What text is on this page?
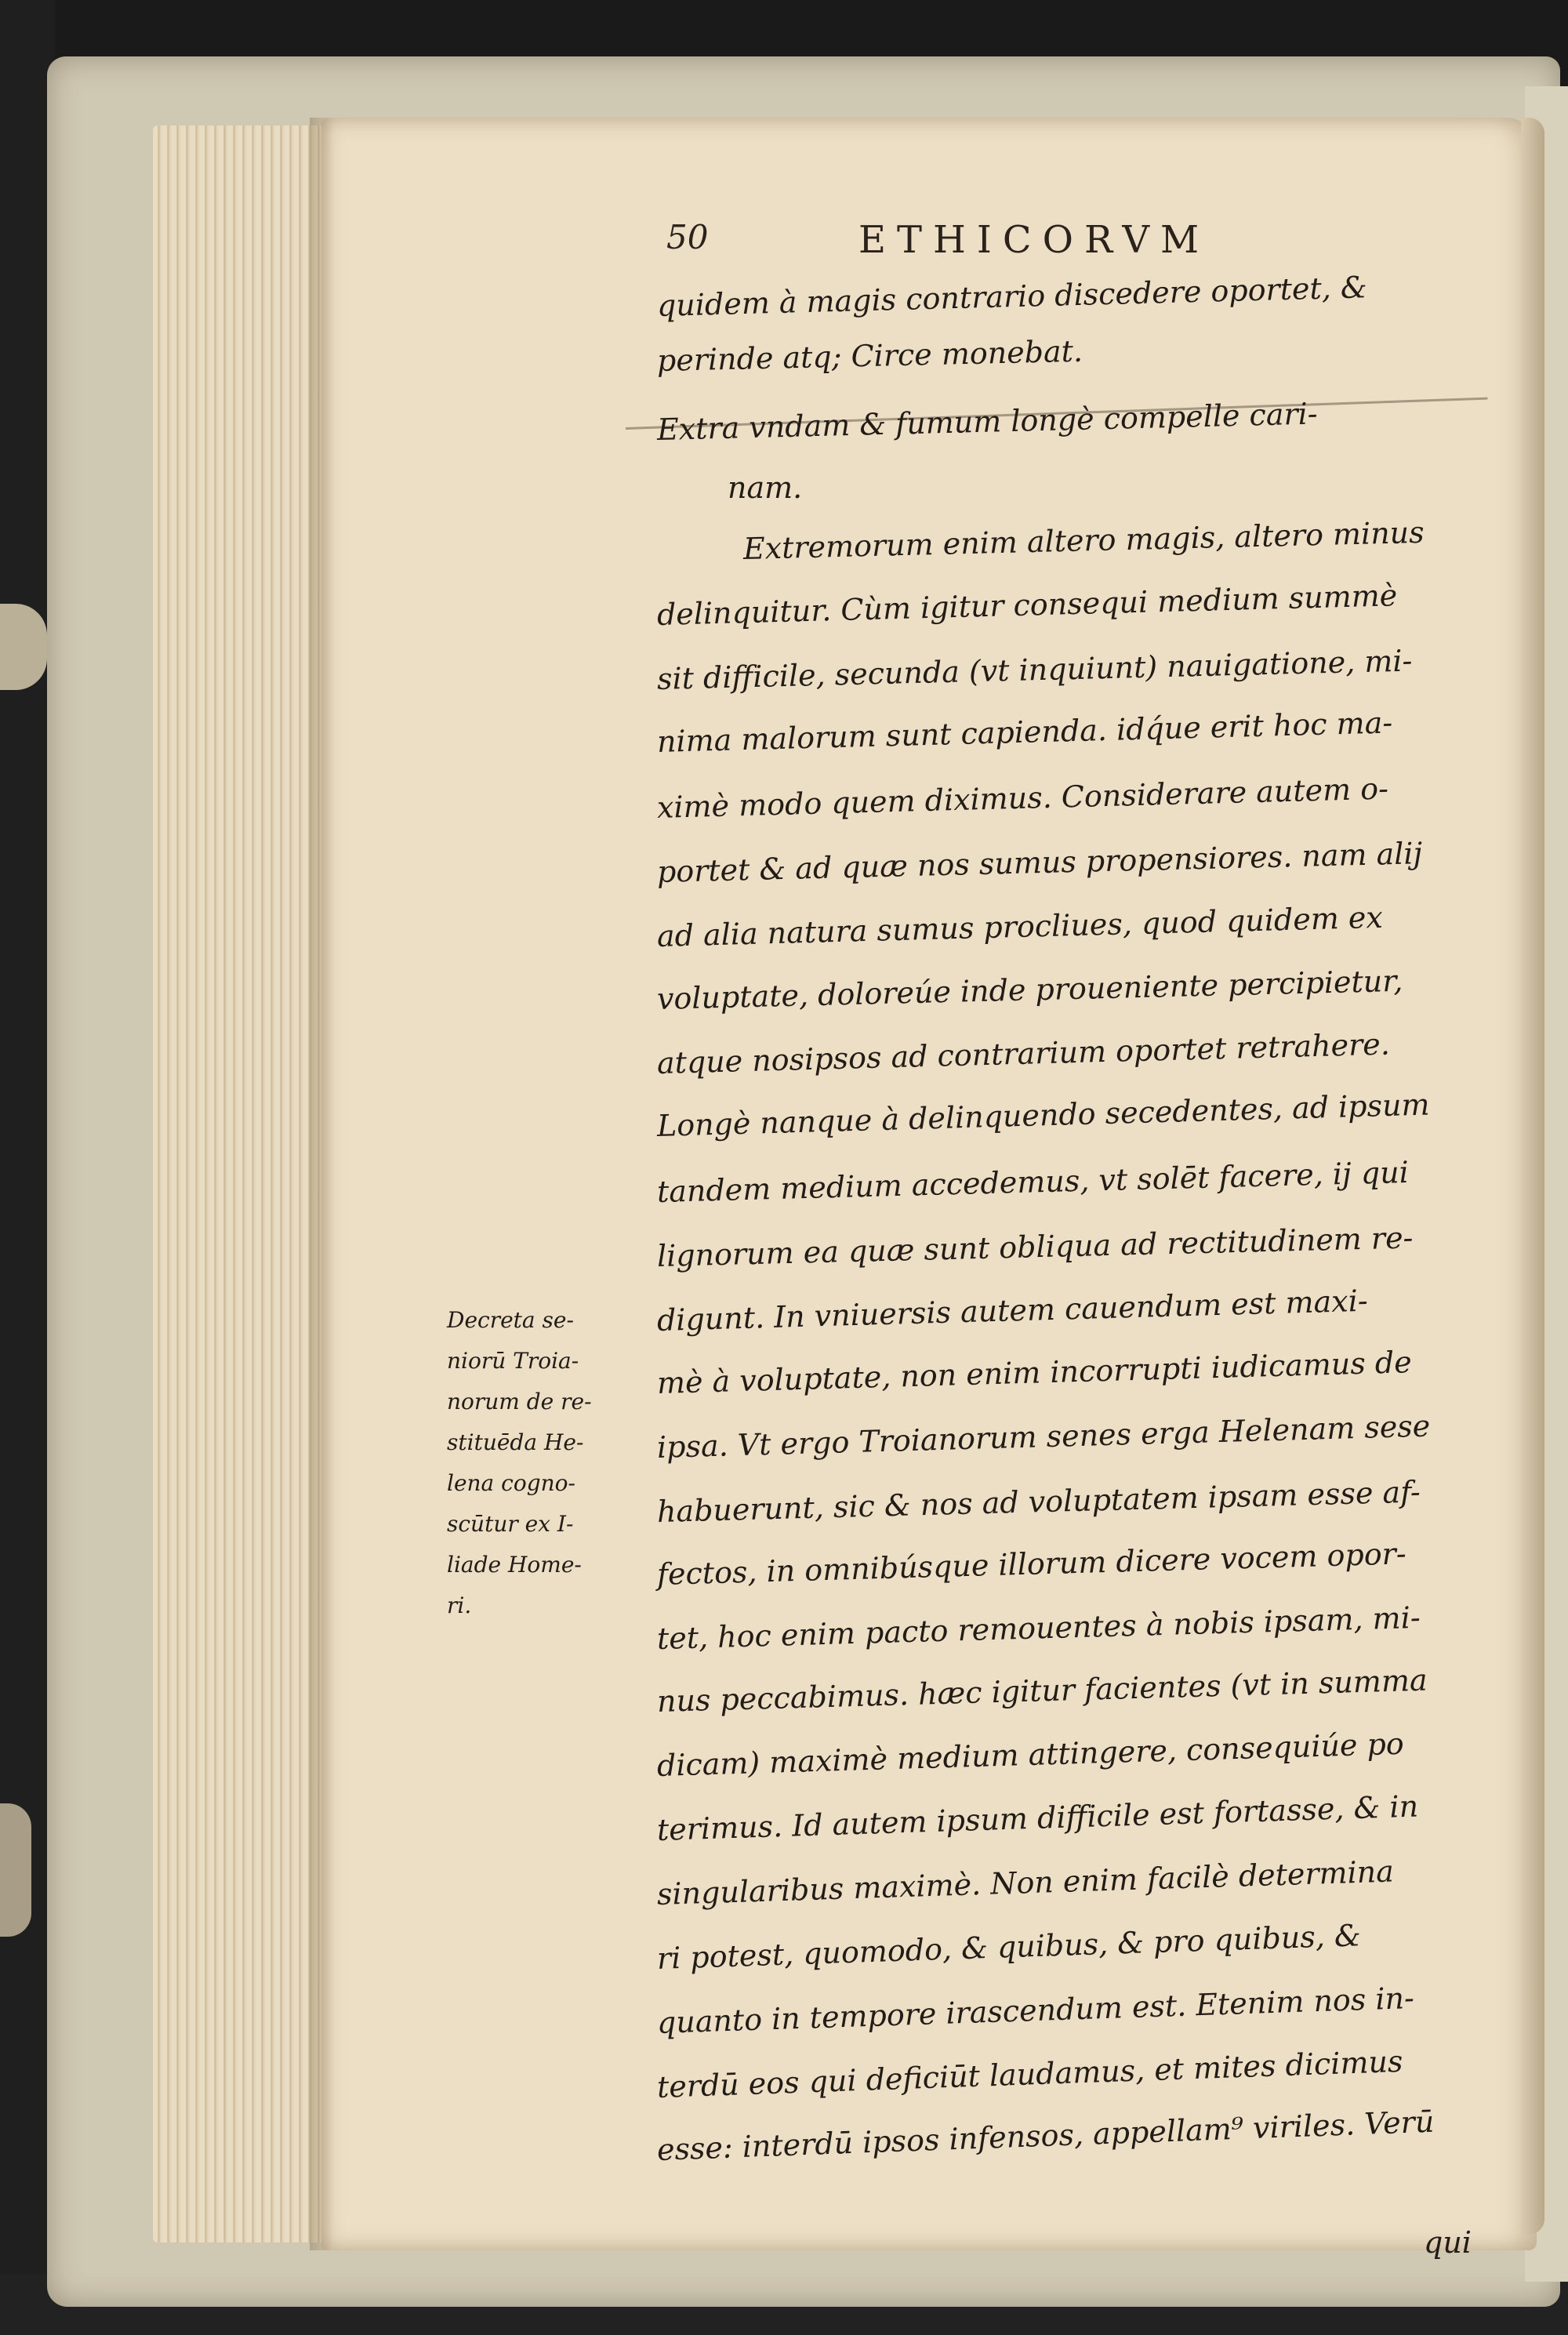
50	ETHICORVM
quidem à magis contrario discedere oportet, &
perinde atq; Circe monebat.
Extra vndam & fumum longè compelle cari-
nam.
Extremorum enim altero magis, altero minus
delinquitur. Cùm igitur consequi medium summè
sit difficile, secunda (vt inquiunt) nauigatione, mi-
nima malorum sunt capienda. idq́ue erit hoc ma-
ximè modo quem diximus. Considerare autem o-
portet & ad quæ nos sumus propensiores. nam alij
ad alia natura sumus procliues, quod quidem ex
voluptate, doloreúe inde proueniente percipietur,
atque nosipsos ad contrarium oportet retrahere.
Longè nanque à delinquendo secedentes, ad ipsum
tandem medium accedemus, vt solēt facere, ij qui
lignorum ea quæ sunt obliqua ad rectitudinem re-
digunt. In vniuersis autem cauendum est maxi-
mè à voluptate, non enim incorrupti iudicamus de
ipsa. Vt ergo Troianorum senes erga Helenam sese
habuerunt, sic & nos ad voluptatem ipsam esse af-
fectos, in omnibúsque illorum dicere vocem opor-
tet, hoc enim pacto remouentes à nobis ipsam, mi-
nus peccabimus. hæc igitur facientes (vt in summa
dicam) maximè medium attingere, consequiúe po
terimus. Id autem ipsum difficile est fortasse, & in
singularibus maximè. Non enim facilè determina
ri potest, quomodo, & quibus, & pro quibus, &
quanto in tempore irascendum est. Etenim nos in-
terdū eos qui deficiūt laudamus, et mites dicimus
esse: interdū ipsos infensos, appellam⁹ viriles. Verū
qui
Decreta se-
niorū Troia-
norum de re-
stituēda He-
lena cogno-
scūtur ex I-
liade Home-
ri.
